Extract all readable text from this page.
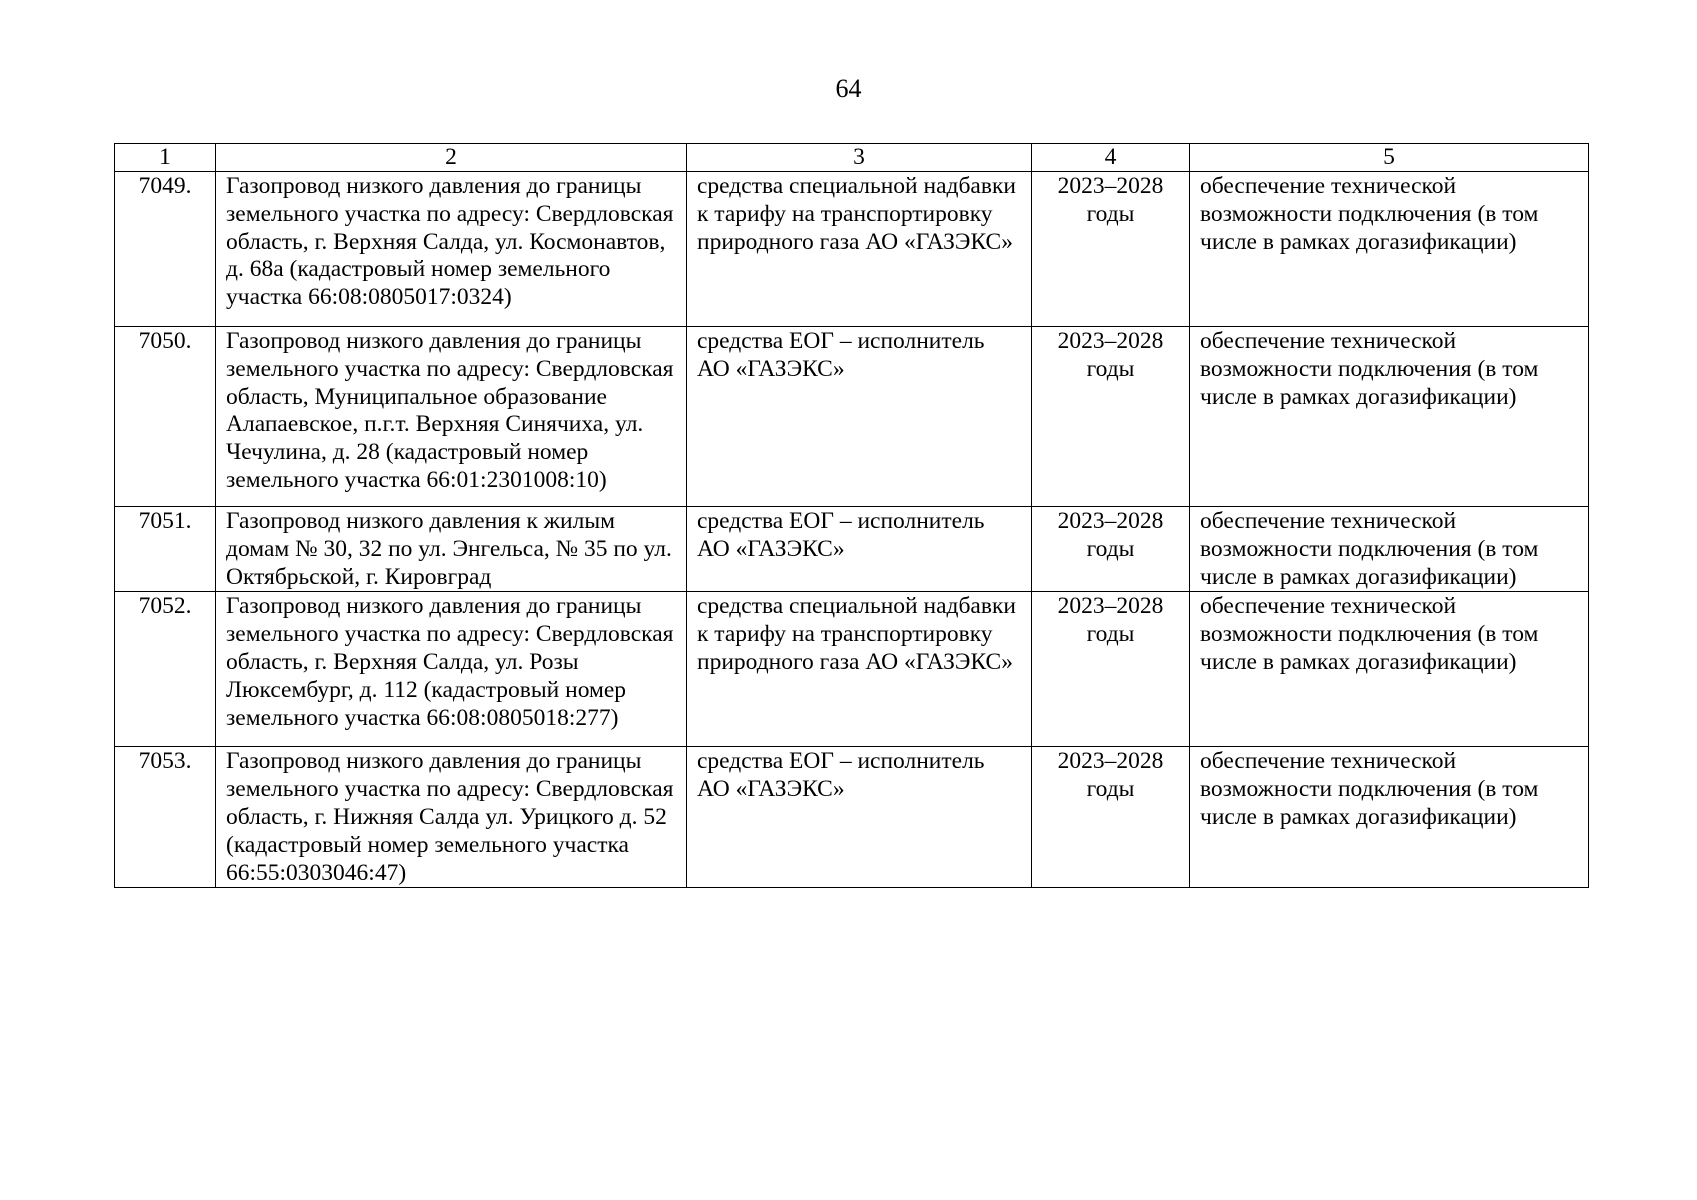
64
1	2	3	4	5
7049.	Газопровод низкого давления до границы земельного участка по адресу: Свердловская область, г. Верхняя Салда, ул. Космонавтов, д. 68а (кадастровый номер земельного участка 66:08:0805017:0324)	средства специальной надбавки к тарифу на транспортировку природного газа АО «ГАЗЭКС»	2023–2028 годы	обеспечение технической возможности подключения (в том числе в рамках догазификации)
7050.	Газопровод низкого давления до границы земельного участка по адресу: Свердловская область, Муниципальное образование Алапаевское, п.г.т. Верхняя Синячиха, ул. Чечулина, д. 28 (кадастровый номер земельного участка 66:01:2301008:10)	средства ЕОГ – исполнитель АО «ГАЗЭКС»	2023–2028 годы	обеспечение технической возможности подключения (в том числе в рамках догазификации)
7051.	Газопровод низкого давления к жилым домам № 30, 32 по ул. Энгельса, № 35 по ул. Октябрьской, г. Кировград	средства ЕОГ – исполнитель АО «ГАЗЭКС»	2023–2028 годы	обеспечение технической возможности подключения (в том числе в рамках догазификации)
7052.	Газопровод низкого давления до границы земельного участка по адресу: Свердловская область, г. Верхняя Салда, ул. Розы Люксембург, д. 112 (кадастровый номер земельного участка 66:08:0805018:277)	средства специальной надбавки к тарифу на транспортировку природного газа АО «ГАЗЭКС»	2023–2028 годы	обеспечение технической возможности подключения (в том числе в рамках догазификации)
7053.	Газопровод низкого давления до границы земельного участка по адресу: Свердловская область, г. Нижняя Салда ул. Урицкого д. 52 (кадастровый номер земельного участка 66:55:0303046:47)	средства ЕОГ – исполнитель АО «ГАЗЭКС»	2023–2028 годы	обеспечение технической возможности подключения (в том числе в рамках догазификации)
